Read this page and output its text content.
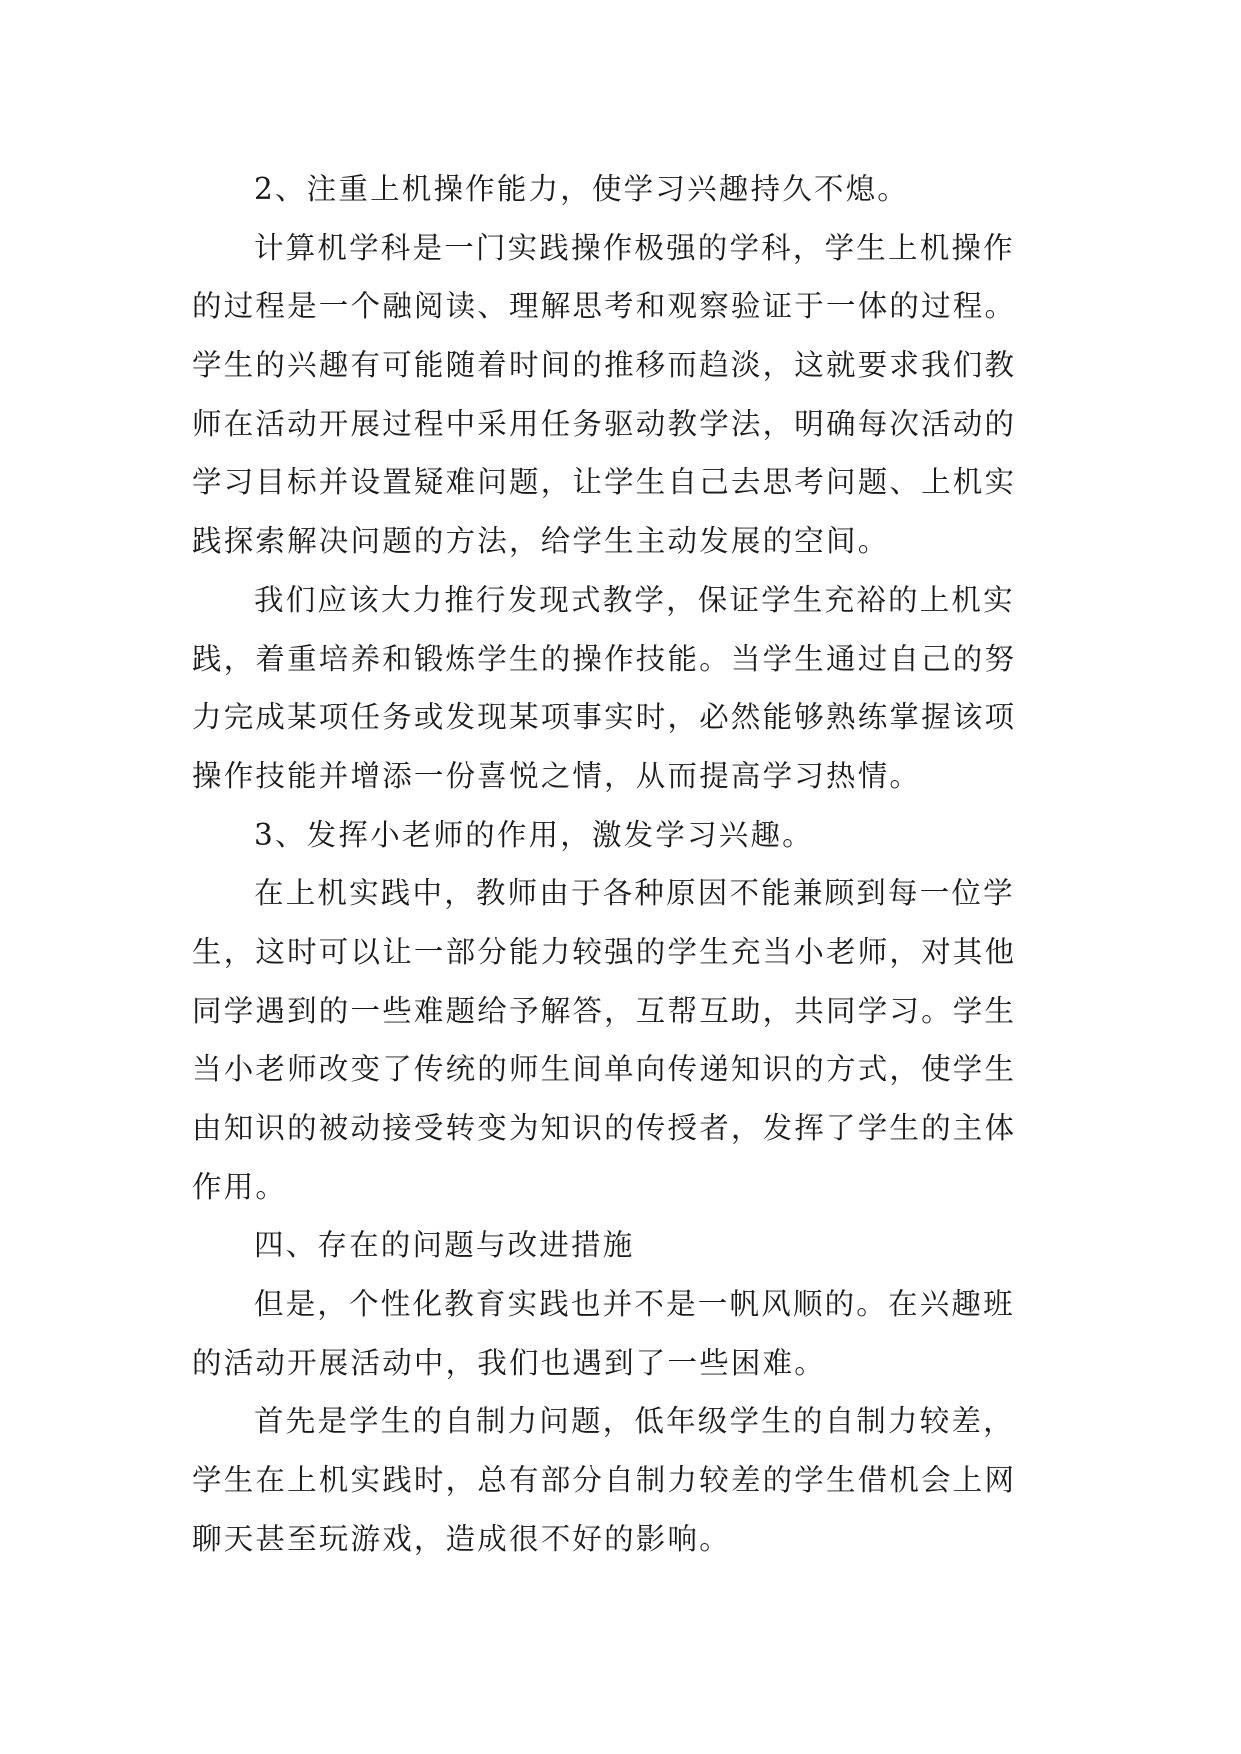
2、注重上机操作能力，使学习兴趣持久不熄。
计算机学科是一门实践操作极强的学科，学生上机操作
的过程是一个融阅读、理解思考和观察验证于一体的过程。
学生的兴趣有可能随着时间的推移而趋淡，这就要求我们教
师在活动开展过程中采用任务驱动教学法，明确每次活动的
学习目标并设置疑难问题，让学生自己去思考问题、上机实
践探索解决问题的方法，给学生主动发展的空间。
我们应该大力推行发现式教学，保证学生充裕的上机实
践，着重培养和锻炼学生的操作技能。当学生通过自己的努
力完成某项任务或发现某项事实时，必然能够熟练掌握该项
操作技能并增添一份喜悦之情，从而提高学习热情。
3、发挥小老师的作用，激发学习兴趣。
在上机实践中，教师由于各种原因不能兼顾到每一位学
生，这时可以让一部分能力较强的学生充当小老师，对其他
同学遇到的一些难题给予解答，互帮互助，共同学习。学生
当小老师改变了传统的师生间单向传递知识的方式，使学生
由知识的被动接受转变为知识的传授者，发挥了学生的主体
作用。
四、存在的问题与改进措施
但是，个性化教育实践也并不是一帆风顺的。在兴趣班
的活动开展活动中，我们也遇到了一些困难。
首先是学生的自制力问题，低年级学生的自制力较差，
学生在上机实践时，总有部分自制力较差的学生借机会上网
聊天甚至玩游戏，造成很不好的影响。
